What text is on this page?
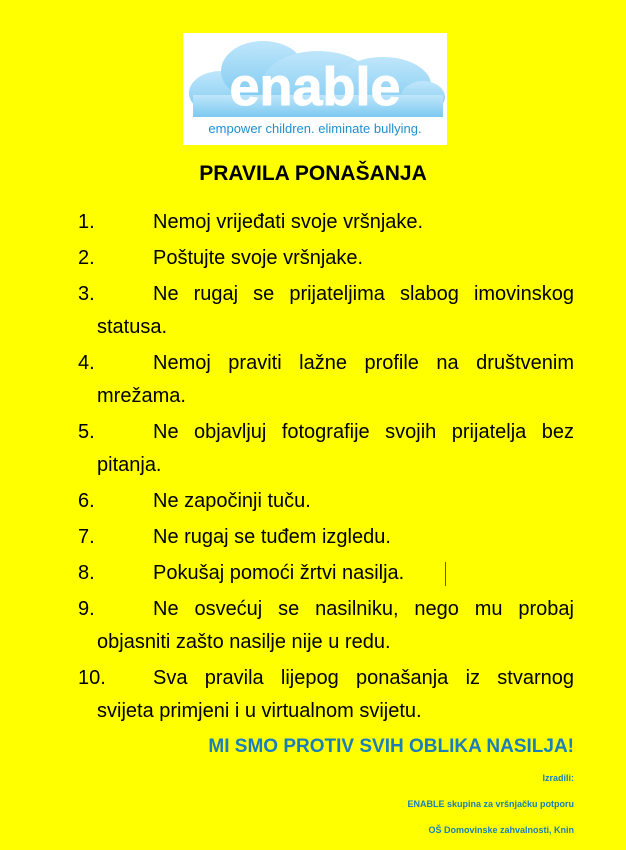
enable
empower children. eliminate bullying.
PRAVILA PONAŠANJA
1.	Nemoj vrijeđati svoje vršnjake.
2.	Poštujte svoje vršnjake.
3.	Ne rugaj se prijateljima slabog imovinskog statusa.
4.	Nemoj praviti lažne profile na društvenim mrežama.
5.	Ne objavljuj fotografije svojih prijatelja bez pitanja.
6.	Ne započinji tuču.
7.	Ne rugaj se tuđem izgledu.
8.	Pokušaj pomoći žrtvi nasilja.
9.	Ne osvećuj se nasilniku, nego mu probaj objasniti zašto nasilje nije u redu.
10.	Sva pravila lijepog ponašanja iz stvarnog svijeta primjeni i u virtualnom svijetu.
MI SMO PROTIV SVIH OBLIKA NASILJA!
Izradili:
ENABLE skupina za vršnjačku potporu
OŠ Domovinske zahvalnosti, Knin
